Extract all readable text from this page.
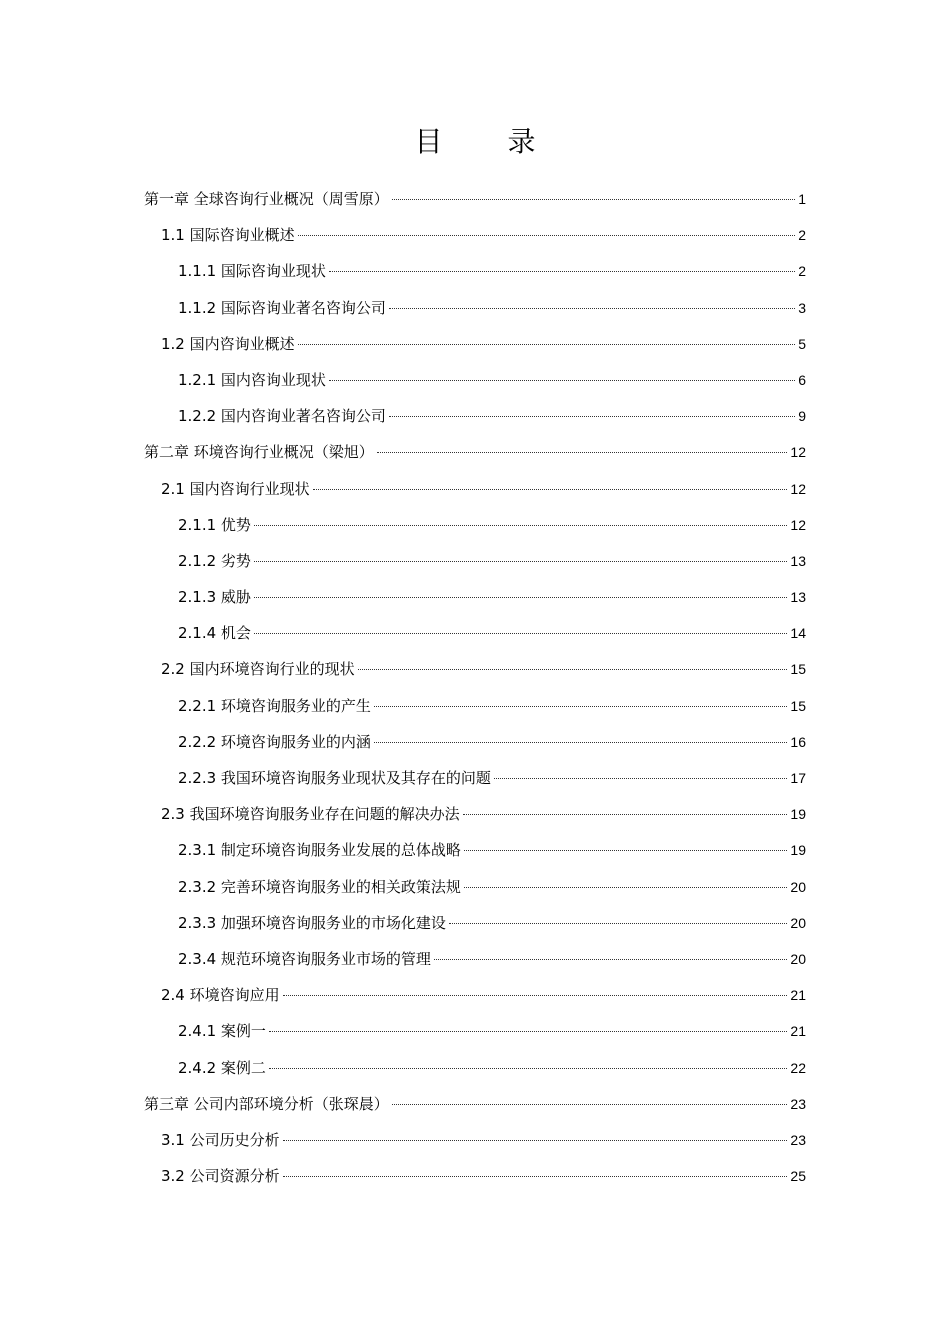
目 录
第一章 全球咨询行业概况（周雪原）	1
1.1 国际咨询业概述	2
1.1.1 国际咨询业现状	2
1.1.2 国际咨询业著名咨询公司	3
1.2 国内咨询业概述	5
1.2.1 国内咨询业现状	6
1.2.2 国内咨询业著名咨询公司	9
第二章 环境咨询行业概况（梁旭）	12
2.1 国内咨询行业现状	12
2.1.1 优势	12
2.1.2 劣势	13
2.1.3 威胁	13
2.1.4 机会	14
2.2 国内环境咨询行业的现状	15
2.2.1 环境咨询服务业的产生	15
2.2.2 环境咨询服务业的内涵	16
2.2.3 我国环境咨询服务业现状及其存在的问题	17
2.3 我国环境咨询服务业存在问题的解决办法	19
2.3.1 制定环境咨询服务业发展的总体战略	19
2.3.2 完善环境咨询服务业的相关政策法规	20
2.3.3 加强环境咨询服务业的市场化建设	20
2.3.4 规范环境咨询服务业市场的管理	20
2.4 环境咨询应用	21
2.4.1 案例一	21
2.4.2 案例二	22
第三章 公司内部环境分析（张琛晨）	23
3.1 公司历史分析	23
3.2 公司资源分析	25
